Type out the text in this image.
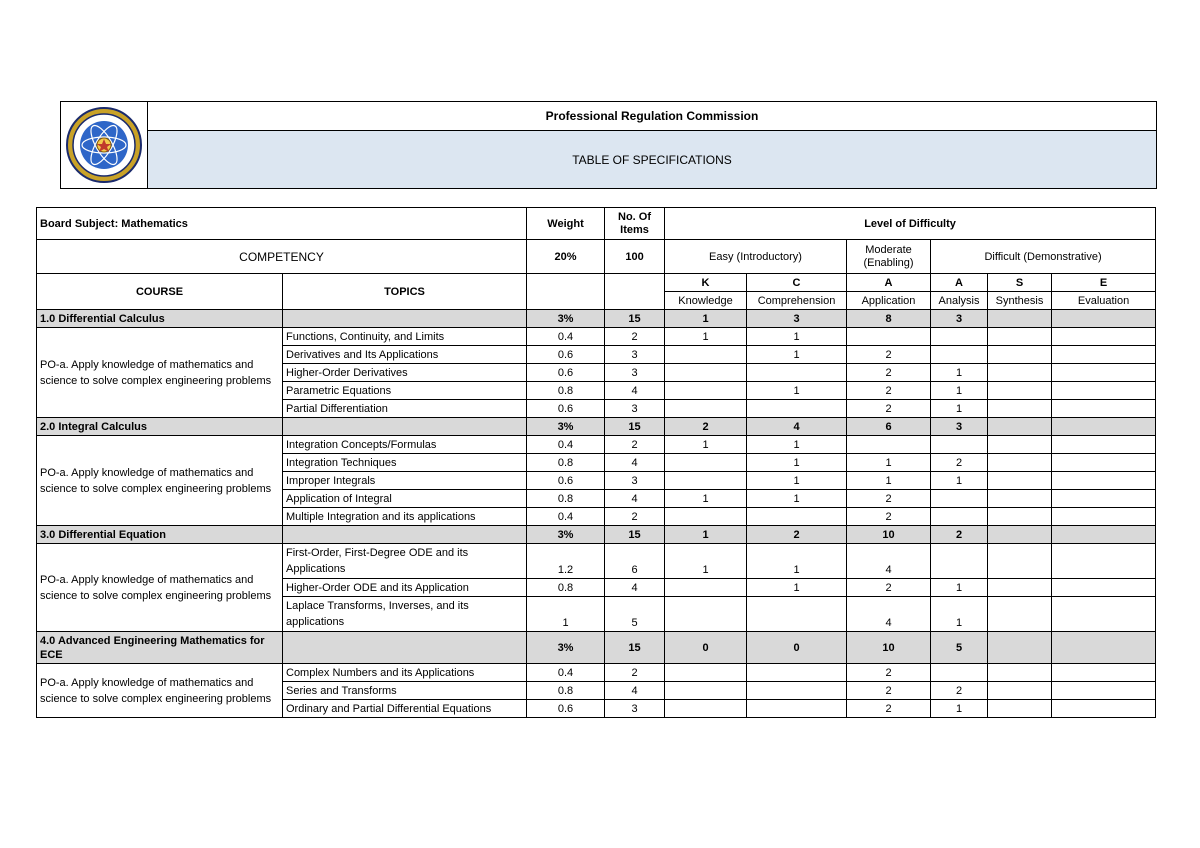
Professional Regulation Commission
TABLE OF SPECIFICATIONS
Board Subject: Mathematics		Weight	No. Of Items	Level of Difficulty					
COMPETENCY		20%	100	Easy (Introductory)		Moderate (Enabling)	Difficult (Demonstrative)		
COURSE	TOPICS			K	C	A	A	S	E
				Knowledge	Comprehension	Application	Analysis	Synthesis	Evaluation
1.0 Differential Calculus		3%	15	1	3	8	3		
PO-a. Apply knowledge of mathematics and science to solve complex engineering problems	Functions, Continuity, and Limits	0.4	2	1	1				
	Derivatives and Its Applications	0.6	3		1	2			
	Higher-Order Derivatives	0.6	3			2	1		
	Parametric Equations	0.8	4		1	2	1		
	Partial Differentiation	0.6	3			2	1		
2.0 Integral Calculus		3%	15	2	4	6	3		
PO-a. Apply knowledge of mathematics and science to solve complex engineering problems	Integration Concepts/Formulas	0.4	2	1	1				
	Integration Techniques	0.8	4		1	1	2		
	Improper Integrals	0.6	3		1	1	1		
	Application of Integral	0.8	4	1	1	2			
	Multiple Integration and its applications	0.4	2			2			
3.0 Differential Equation		3%	15	1	2	10	2		
PO-a. Apply knowledge of mathematics and science to solve complex engineering problems	First-Order, First-Degree ODE and its Applications	1.2	6	1	1	4			
	Higher-Order ODE and its Application	0.8	4		1	2	1		
	Laplace Transforms, Inverses, and its applications	1	5			4	1		
4.0 Advanced Engineering Mathematics for ECE		3%	15	0	0	10	5		
PO-a. Apply knowledge of mathematics and science to solve complex engineering problems	Complex Numbers and its Applications	0.4	2			2			
	Series and Transforms	0.8	4			2	2		
	Ordinary and Partial Differential Equations	0.6	3			2	1		
